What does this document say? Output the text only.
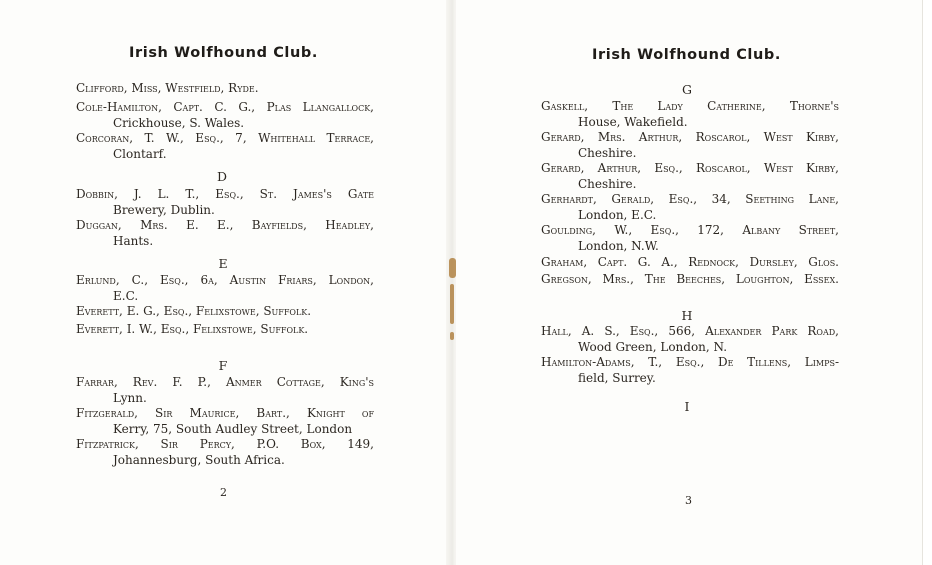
Irish Wolfhound Club.

Clifford, Miss, Westfield, Ryde.

Cole-Hamilton, Capt. C. G., Plas Llangallock,
Crickhouse, S. Wales.

Corcoran, T. W., Esq., 7, Whitehall Terrace,
Clontarf.

D

Dobbin, J. L. T., Esq., St. James's Gate
Brewery, Dublin.

Duggan, Mrs. E. E., Bayfields, Headley,
Hants.

E

Erlund, C., Esq., 6a, Austin Friars, London,
E.C.

Everett, E. G., Esq., Felixstowe, Suffolk.

Everett, I. W., Esq., Felixstowe, Suffolk.

F

Farrar, Rev. F. P., Anmer Cottage, King's
Lynn.

Fitzgerald, Sir Maurice, Bart., Knight of
Kerry, 75, South Audley Street, London

Fitzpatrick, Sir Percy, P.O. Box, 149,
Johannesburg, South Africa.

2

Irish Wolfhound Club.

G

Gaskell, The Lady Catherine, Thorne's
House, Wakefield.

Gerard, Mrs. Arthur, Roscarol, West Kirby,
Cheshire.

Gerard, Arthur, Esq., Roscarol, West Kirby,
Cheshire.

Gerhardt, Gerald, Esq., 34, Seething Lane,
London, E.C.

Goulding, W., Esq., 172, Albany Street,
London, N.W.

Graham, Capt. G. A., Rednock, Dursley, Glos.

Gregson, Mrs., The Beeches, Loughton, Essex.

H

Hall, A. S., Esq., 566, Alexander Park Road,
Wood Green, London, N.

Hamilton-Adams, T., Esq., De Tillens, Limps-
field, Surrey.

I

3
